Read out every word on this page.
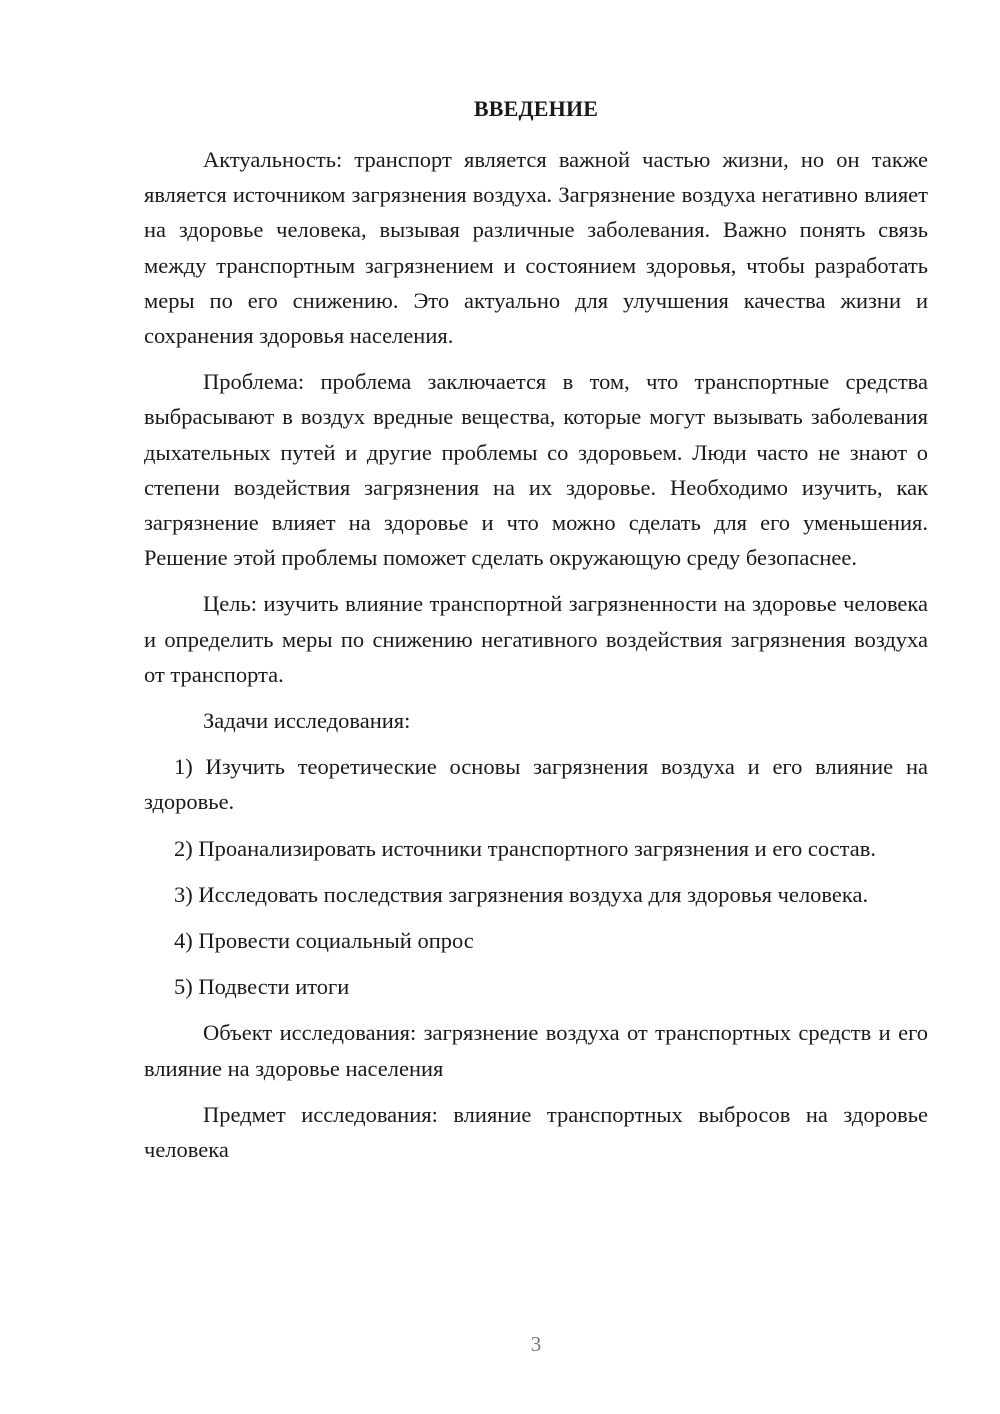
ВВЕДЕНИЕ

Актуальность: транспорт является важной частью жизни, но он также является источником загрязнения воздуха. Загрязнение воздуха негативно влияет на здоровье человека, вызывая различные заболевания. Важно понять связь между транспортным загрязнением и состоянием здоровья, чтобы разработать меры по его снижению. Это актуально для улучшения качества жизни и сохранения здоровья населения.

Проблема: проблема заключается в том, что транспортные средства выбрасывают в воздух вредные вещества, которые могут вызывать заболевания дыхательных путей и другие проблемы со здоровьем. Люди часто не знают о степени воздействия загрязнения на их здоровье. Необходимо изучить, как загрязнение влияет на здоровье и что можно сделать для его уменьшения. Решение этой проблемы поможет сделать окружающую среду безопаснее.

Цель: изучить влияние транспортной загрязненности на здоровье человека и определить меры по снижению негативного воздействия загрязнения воздуха от транспорта.

Задачи исследования:

1) Изучить теоретические основы загрязнения воздуха и его влияние на здоровье.

2) Проанализировать источники транспортного загрязнения и его состав.

3) Исследовать последствия загрязнения воздуха для здоровья человека.

4) Провести социальный опрос

5) Подвести итоги

Объект исследования: загрязнение воздуха от транспортных средств и его влияние на здоровье населения

Предмет исследования: влияние транспортных выбросов на здоровье человека

3
